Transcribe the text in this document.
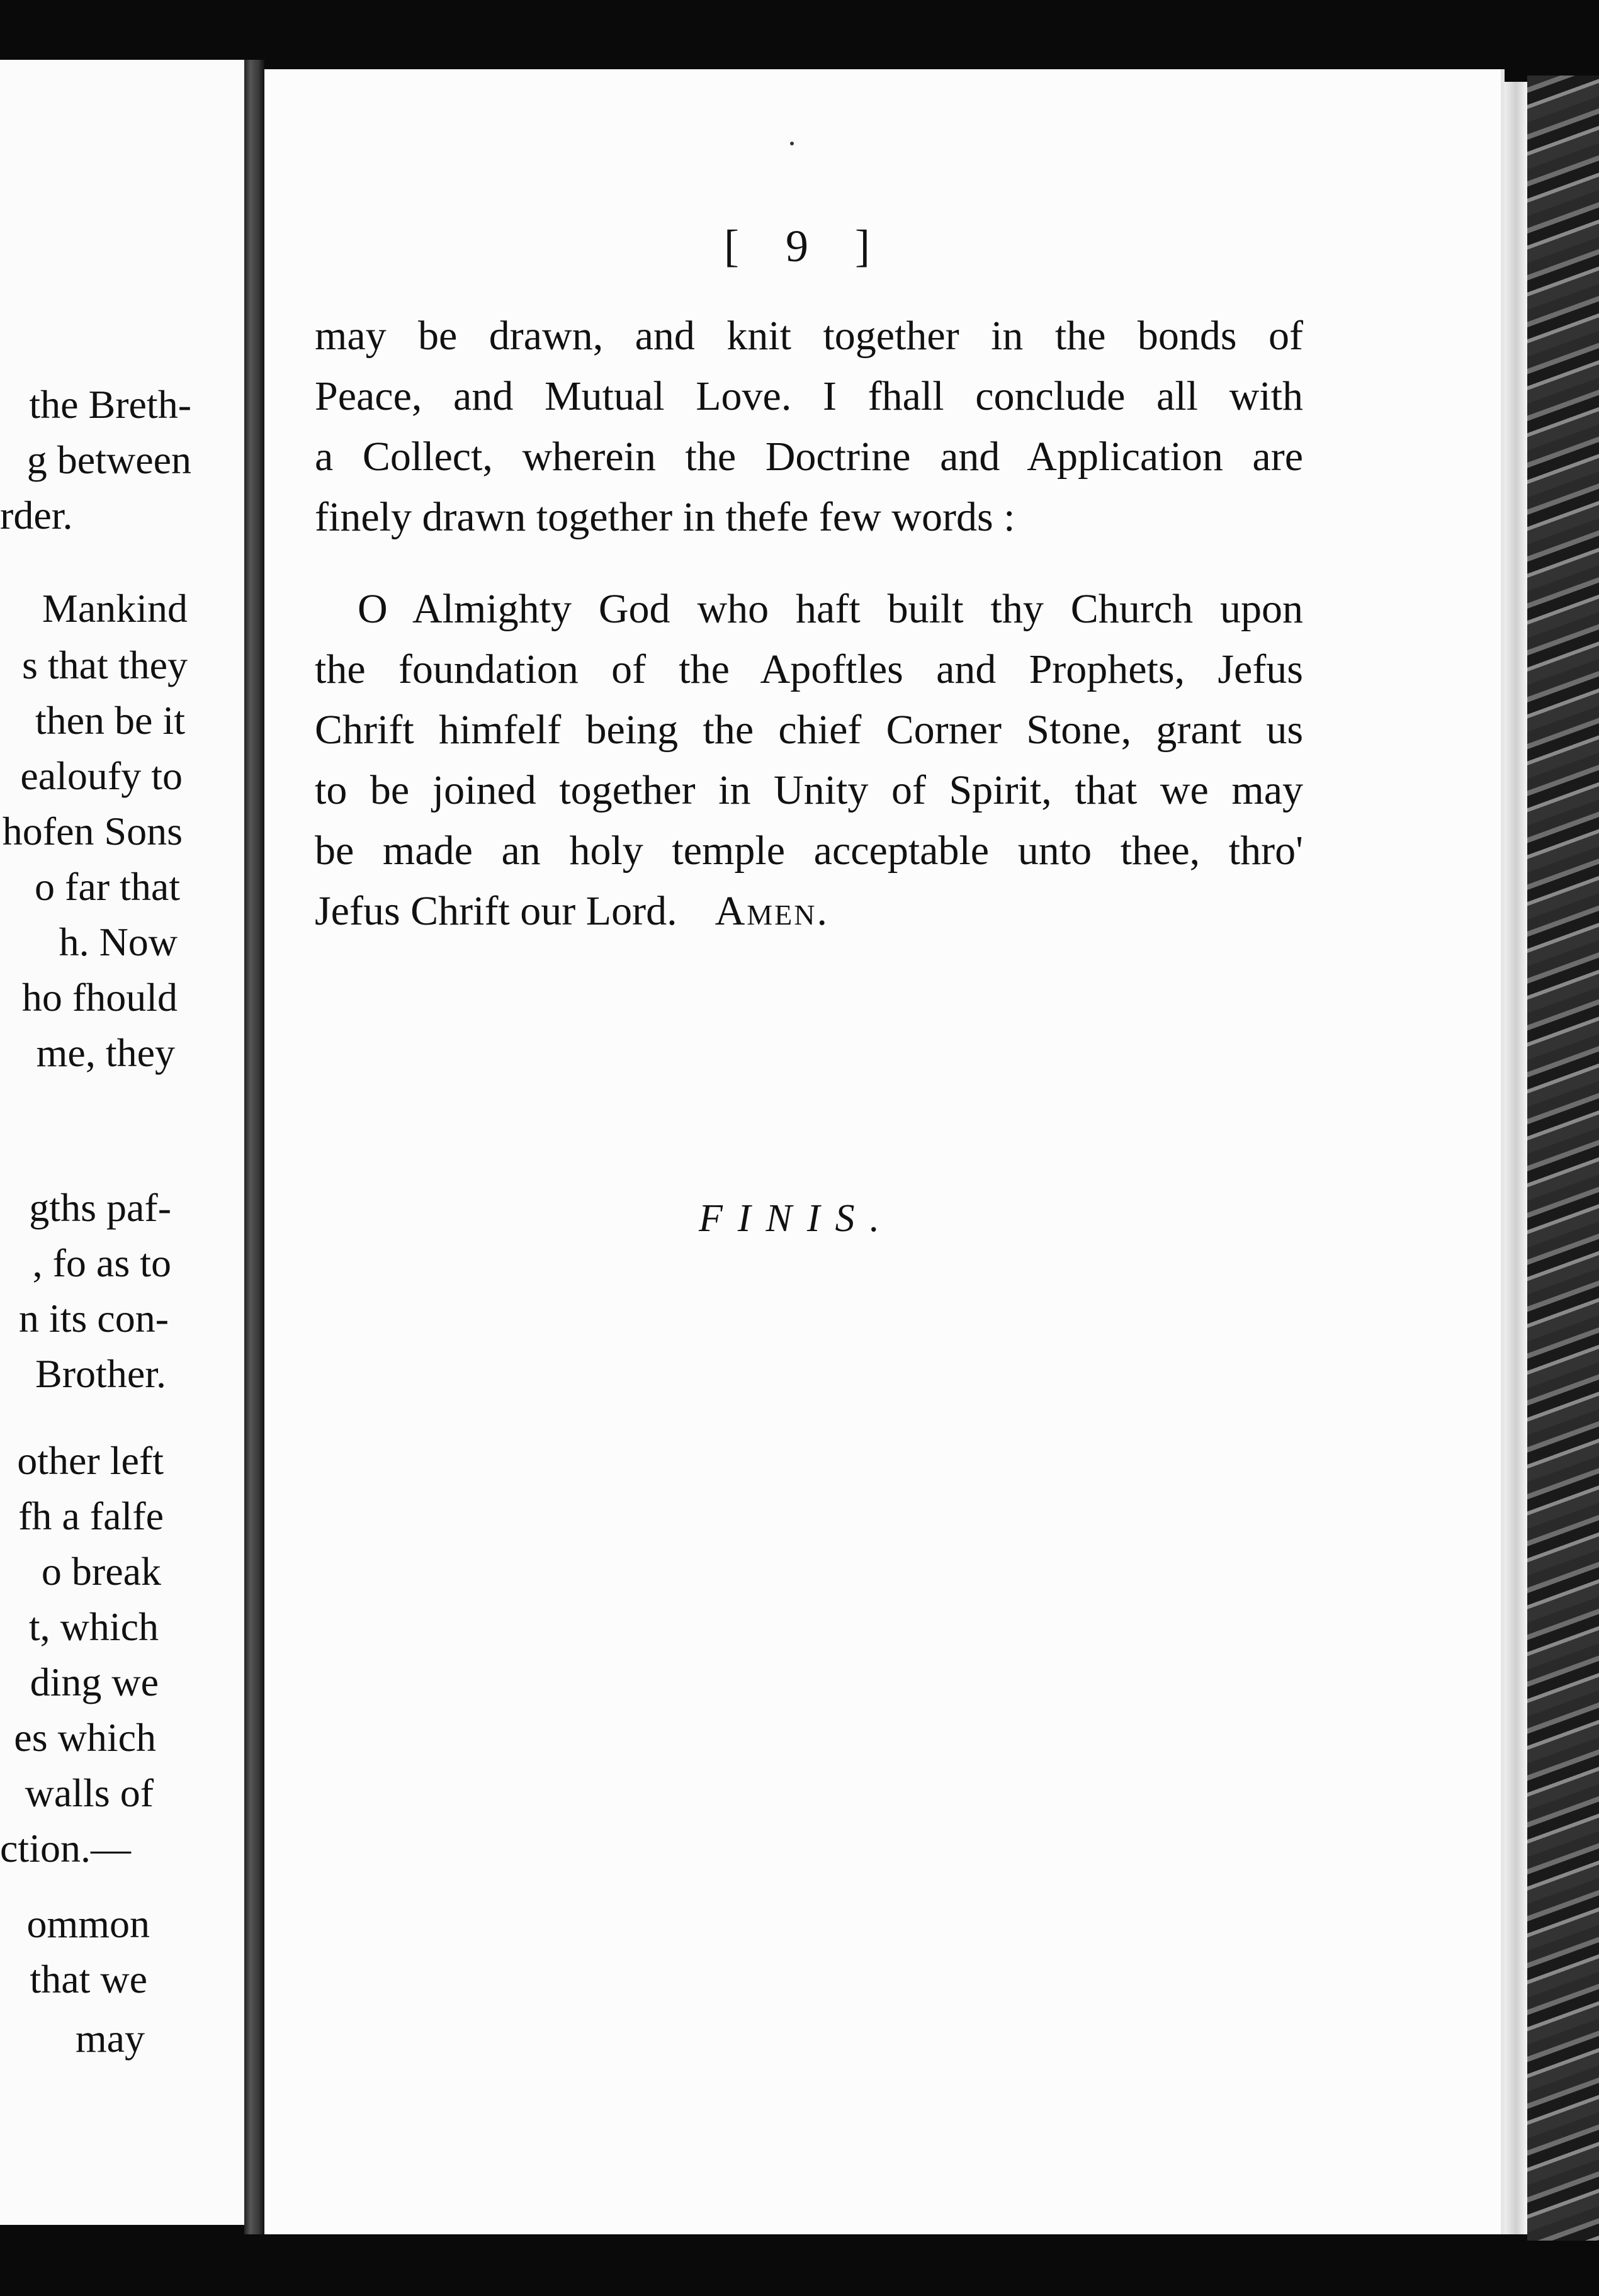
the Breth-
g between
rder.
Mankind
s that they
then be it
ealoufy to
hofen Sons
o far that
h. Now
ho fhould
me, they
gths paf-
, fo as to
n its con-
Brother.
other left
fh a falfe
o break
t, which
ding we
es which
walls of
ction.—
ommon
that we
may
[ 9 ]
may be drawn, and knit together in the bonds of
Peace, and Mutual Love. I fhall conclude all with
a Collect, wherein the Doctrine and Application are
finely drawn together in thefe few words :
O Almighty God who haft built thy Church upon
the foundation of the Apoftles and Prophets, Jefus
Chrift himfelf being the chief Corner Stone, grant us
to be joined together in Unity of Spirit, that we may
be made an holy temple acceptable unto thee, thro'
Jefus Chrift our Lord. Amen.
FINIS.
